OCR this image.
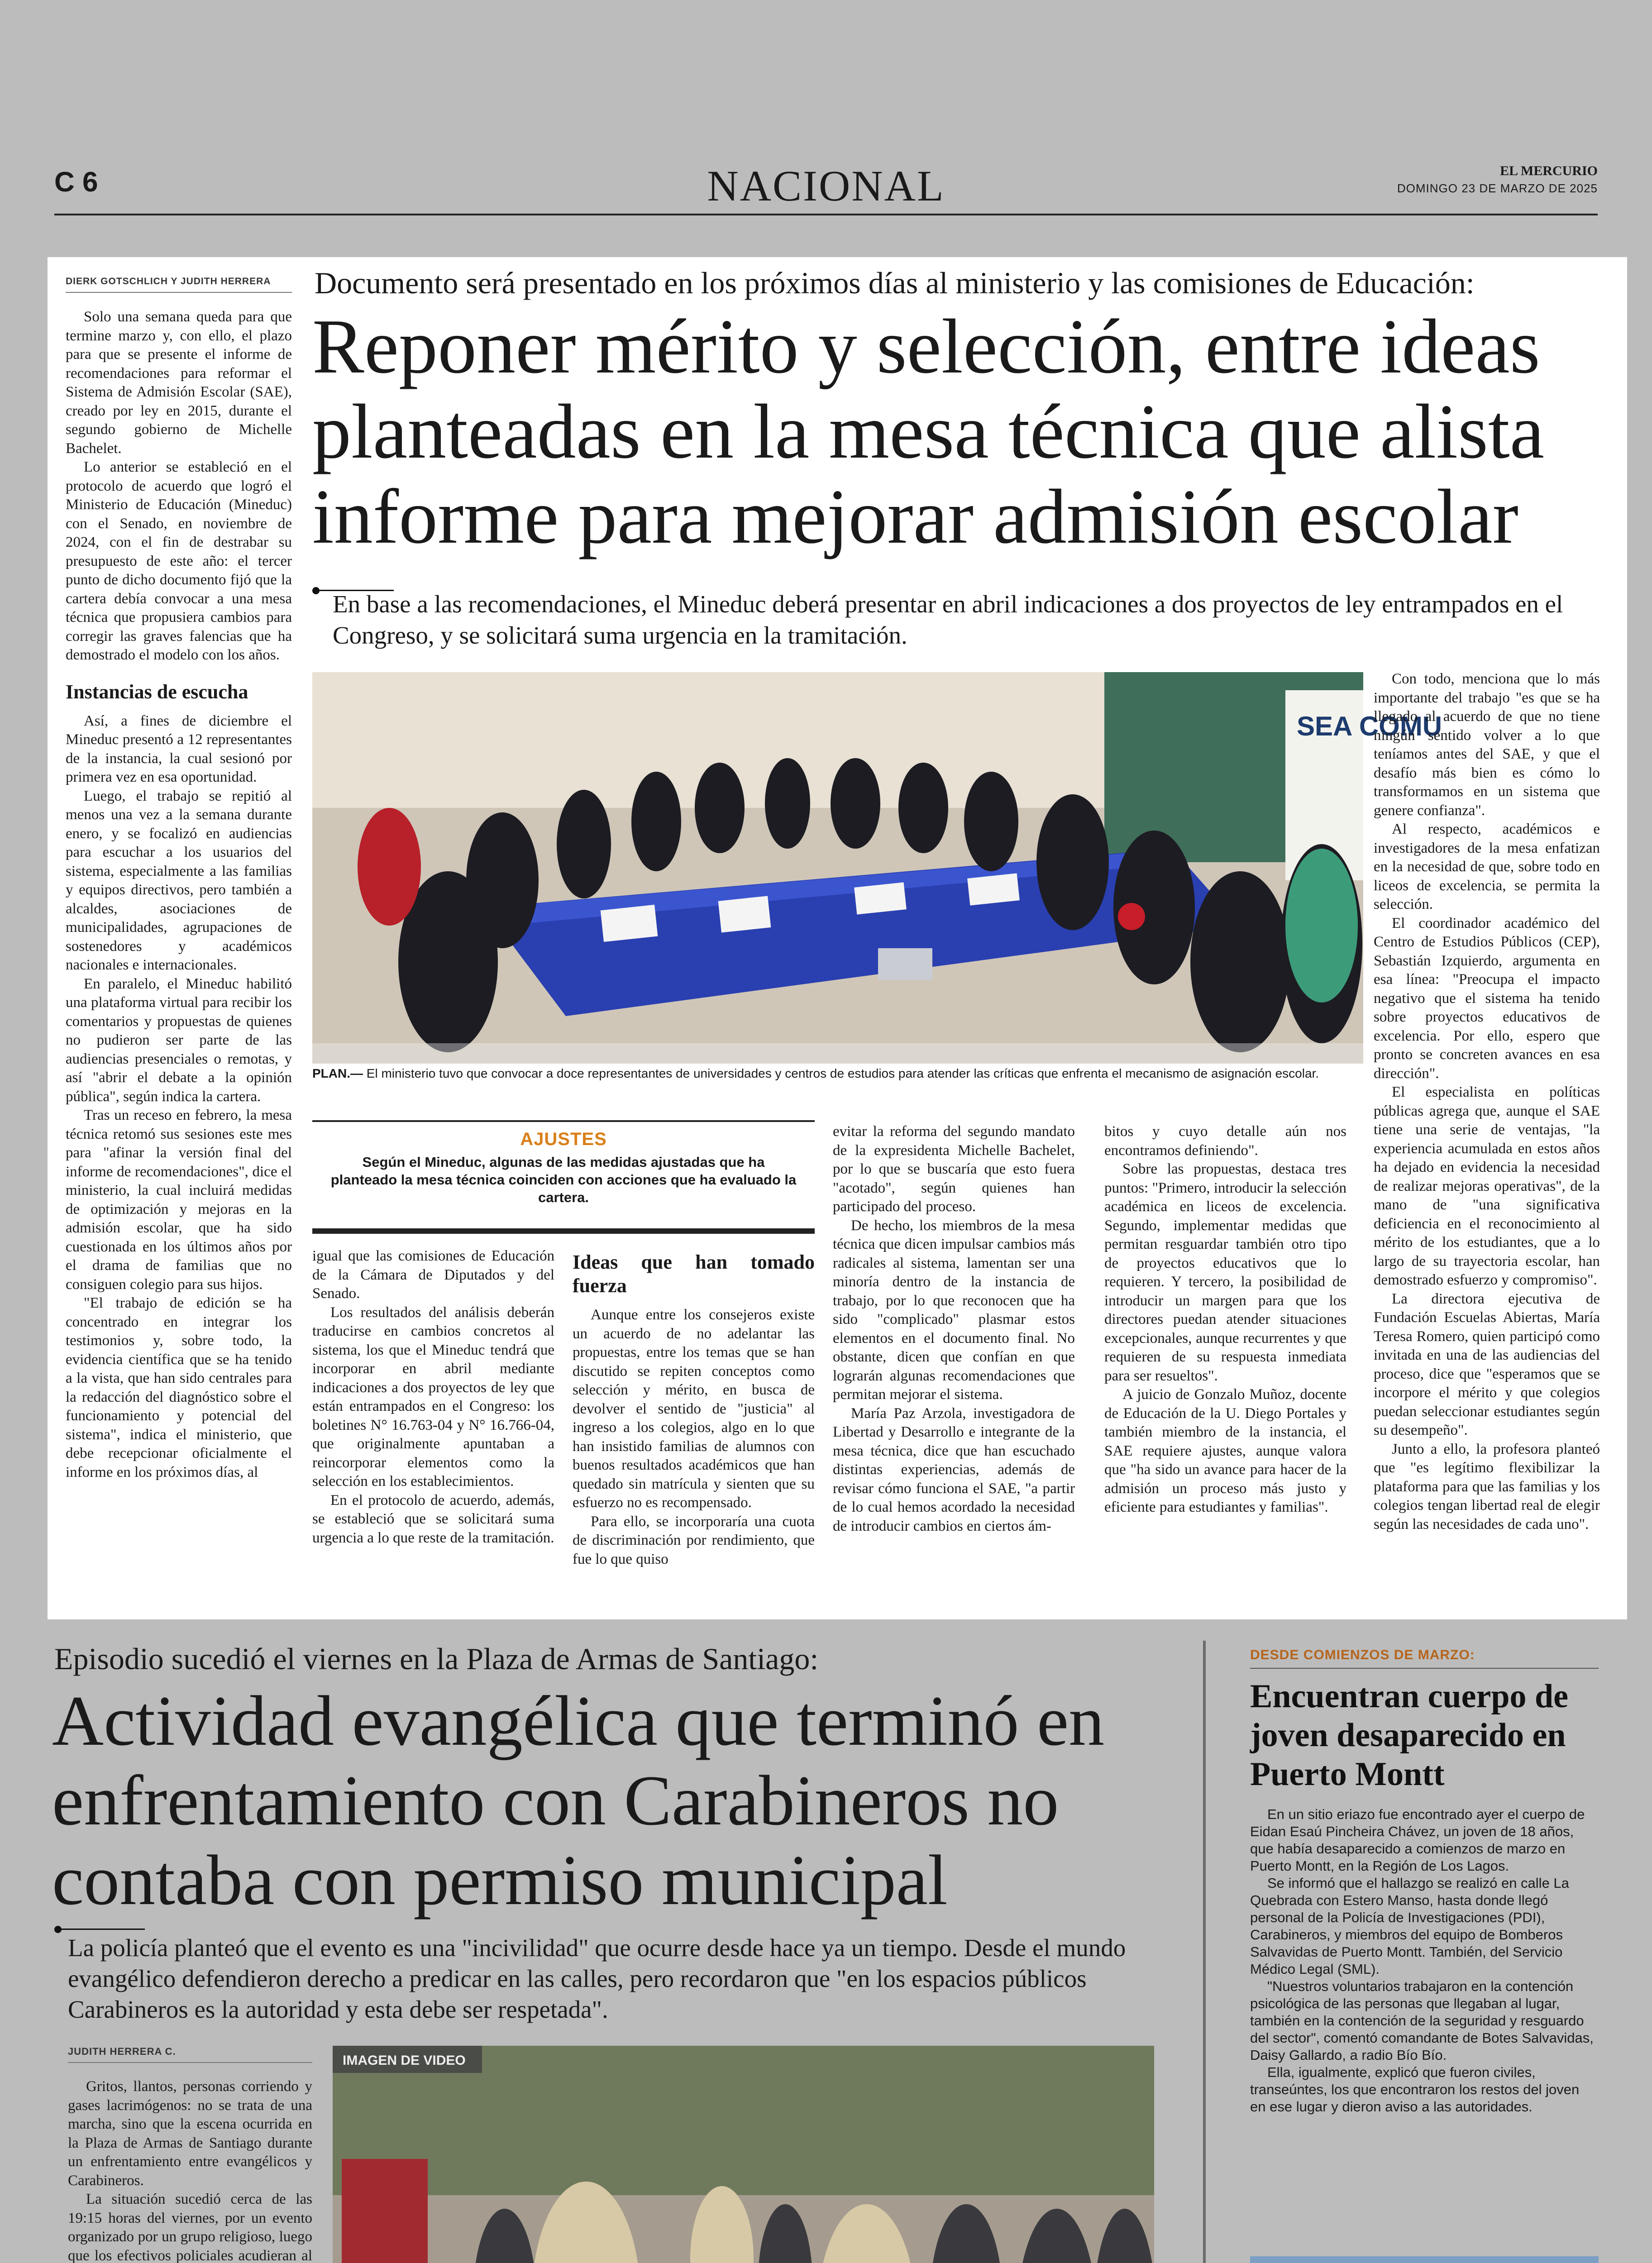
C 6	NACIONAL	EL MERCURIO
DOMINGO 23 DE MARZO DE 2025
DIERK GOTSCHLICH Y JUDITH HERRERA

Solo una semana queda para que termine marzo y, con ello, el plazo para que se presente el informe de recomendaciones para reformar el Sistema de Admisión Escolar (SAE), creado por ley en 2015, durante el segundo gobierno de Michelle Bachelet.

Lo anterior se estableció en el protocolo de acuerdo que logró el Ministerio de Educación (Mineduc) con el Senado, en noviembre de 2024, con el fin de destrabar su presupuesto de este año: el tercer punto de dicho documento fijó que la cartera debía convocar a una mesa técnica que propusiera cambios para corregir las graves falencias que ha demostrado el modelo con los años.

Instancias de escucha

Así, a fines de diciembre el Mineduc presentó a 12 representantes de la instancia, la cual sesionó por primera vez en esa oportunidad.

Luego, el trabajo se repitió al menos una vez a la semana durante enero, y se focalizó en audiencias para escuchar a los usuarios del sistema, especialmente a las familias y equipos directivos, pero también a alcaldes, asociaciones de municipalidades, agrupaciones de sostenedores y académicos nacionales e internacionales.

En paralelo, el Mineduc habilitó una plataforma virtual para recibir los comentarios y propuestas de quienes no pudieron ser parte de las audiencias presenciales o remotas, y así "abrir el debate a la opinión pública", según indica la cartera.

Tras un receso en febrero, la mesa técnica retomó sus sesiones este mes para "afinar la versión final del informe de recomendaciones", dice el ministerio, la cual incluirá medidas de optimización y mejoras en la admisión escolar, que ha sido cuestionada en los últimos años por el drama de familias que no consiguen colegio para sus hijos.

"El trabajo de edición se ha concentrado en integrar los testimonios y, sobre todo, la evidencia científica que se ha tenido a la vista, que han sido centrales para la redacción del diagnóstico sobre el funcionamiento y potencial del sistema", indica el ministerio, que debe recepcionar oficialmente el informe en los próximos días, al

Documento será presentado en los próximos días al ministerio y las comisiones de Educación:
Reponer mérito y selección, entre ideas planteadas en la mesa técnica que alista informe para mejorar admisión escolar
En base a las recomendaciones, el Mineduc deberá presentar en abril indicaciones a dos proyectos de ley entrampados en el Congreso, y se solicitará suma urgencia en la tramitación.
SEA COMU
PLAN.— El ministerio tuvo que convocar a doce representantes de universidades y centros de estudios para atender las críticas que enfrenta el mecanismo de asignación escolar.
AJUSTES
Según el Mineduc, algunas de las medidas ajustadas que ha planteado la mesa técnica coinciden con acciones que ha evaluado la cartera.

igual que las comisiones de Educación de la Cámara de Diputados y del Senado.

Los resultados del análisis deberán traducirse en cambios concretos al sistema, los que el Mineduc tendrá que incorporar en abril mediante indicaciones a dos proyectos de ley que están entrampados en el Congreso: los boletines N° 16.763-04 y N° 16.766-04, que originalmente apuntaban a reincorporar elementos como la selección en los establecimientos.

En el protocolo de acuerdo, además, se estableció que se solicitará suma urgencia a lo que reste de la tramitación.

Ideas que han tomado fuerza

Aunque entre los consejeros existe un acuerdo de no adelantar las propuestas, entre los temas que se han discutido se repiten conceptos como selección y mérito, en busca de devolver el sentido de "justicia" al ingreso a los colegios, algo en lo que han insistido familias de alumnos con buenos resultados académicos que han quedado sin matrícula y sienten que su esfuerzo no es recompensado.

Para ello, se incorporaría una cuota de discriminación por rendimiento, que fue lo que quiso

evitar la reforma del segundo mandato de la expresidenta Michelle Bachelet, por lo que se buscaría que esto fuera "acotado", según quienes han participado del proceso.

De hecho, los miembros de la mesa técnica que dicen impulsar cambios más radicales al sistema, lamentan ser una minoría dentro de la instancia de trabajo, por lo que reconocen que ha sido "complicado" plasmar estos elementos en el documento final. No obstante, dicen que confían en que lograrán algunas recomendaciones que permitan mejorar el sistema.

María Paz Arzola, investigadora de Libertad y Desarrollo e integrante de la mesa técnica, dice que han escuchado distintas experiencias, además de revisar cómo funciona el SAE, "a partir de lo cual hemos acordado la necesidad de introducir cambios en ciertos ám-

bitos y cuyo detalle aún nos encontramos definiendo".

Sobre las propuestas, destaca tres puntos: "Primero, introducir la selección académica en liceos de excelencia. Segundo, implementar medidas que permitan resguardar también otro tipo de proyectos educativos que lo requieren. Y tercero, la posibilidad de introducir un margen para que los directores puedan atender situaciones excepcionales, aunque recurrentes y que requieren de su respuesta inmediata para ser resueltos".

A juicio de Gonzalo Muñoz, docente de Educación de la U. Diego Portales y también miembro de la instancia, el SAE requiere ajustes, aunque valora que "ha sido un avance para hacer de la admisión un proceso más justo y eficiente para estudiantes y familias".

Con todo, menciona que lo más importante del trabajo "es que se ha llegado al acuerdo de que no tiene ningún sentido volver a lo que teníamos antes del SAE, y que el desafío más bien es cómo lo transformamos en un sistema que genere confianza".

Al respecto, académicos e investigadores de la mesa enfatizan en la necesidad de que, sobre todo en liceos de excelencia, se permita la selección.

El coordinador académico del Centro de Estudios Públicos (CEP), Sebastián Izquierdo, argumenta en esa línea: "Preocupa el impacto negativo que el sistema ha tenido sobre proyectos educativos de excelencia. Por ello, espero que pronto se concreten avances en esa dirección".

El especialista en políticas públicas agrega que, aunque el SAE tiene una serie de ventajas, "la experiencia acumulada en estos años ha dejado en evidencia la necesidad de realizar mejoras operativas", de la mano de "una significativa deficiencia en el reconocimiento al mérito de los estudiantes, que a lo largo de su trayectoria escolar, han demostrado esfuerzo y compromiso".

La directora ejecutiva de Fundación Escuelas Abiertas, María Teresa Romero, quien participó como invitada en una de las audiencias del proceso, dice que "esperamos que se incorpore el mérito y que colegios puedan seleccionar estudiantes según su desempeño".

Junto a ello, la profesora planteó que "es legítimo flexibilizar la plataforma para que las familias y los colegios tengan libertad real de elegir según las necesidades de cada uno".

Episodio sucedió el viernes en la Plaza de Armas de Santiago:
Actividad evangélica que terminó en enfrentamiento con Carabineros no contaba con permiso municipal
La policía planteó que el evento es una "incivilidad" que ocurre desde hace ya un tiempo. Desde el mundo evangélico defendieron derecho a predicar en las calles, pero recordaron que "en los espacios públicos Carabineros es la autoridad y esta debe ser respetada".
JUDITH HERRERA C.

Gritos, llantos, personas corriendo y gases lacrimógenos: no se trata de una marcha, sino que la escena ocurrida en la Plaza de Armas de Santiago durante un enfrentamiento entre evangélicos y Carabineros.

La situación sucedió cerca de las 19:15 horas del viernes, por un evento organizado por un grupo religioso, luego que los efectivos policiales acudieran al

IMAGEN DE VIDEO

DESDE COMIENZOS DE MARZO:
Encuentran cuerpo de joven desaparecido en Puerto Montt

En un sitio eriazo fue encontrado ayer el cuerpo de Eidan Esaú Pincheira Chávez, un joven de 18 años, que había desaparecido a comienzos de marzo en Puerto Montt, en la Región de Los Lagos.

Se informó que el hallazgo se realizó en calle La Quebrada con Estero Manso, hasta donde llegó personal de la Policía de Investigaciones (PDI), Carabineros, y miembros del equipo de Bomberos Salvavidas de Puerto Montt. También, del Servicio Médico Legal (SML).

"Nuestros voluntarios trabajaron en la contención psicológica de las personas que llegaban al lugar, también en la contención de la seguridad y resguardo del sector", comentó comandante de Botes Salvavidas, Daisy Gallardo, a radio Bío Bío.

Ella, igualmente, explicó que fueron civiles, transeúntes, los que encontraron los restos del joven en ese lugar y dieron aviso a las autoridades.
